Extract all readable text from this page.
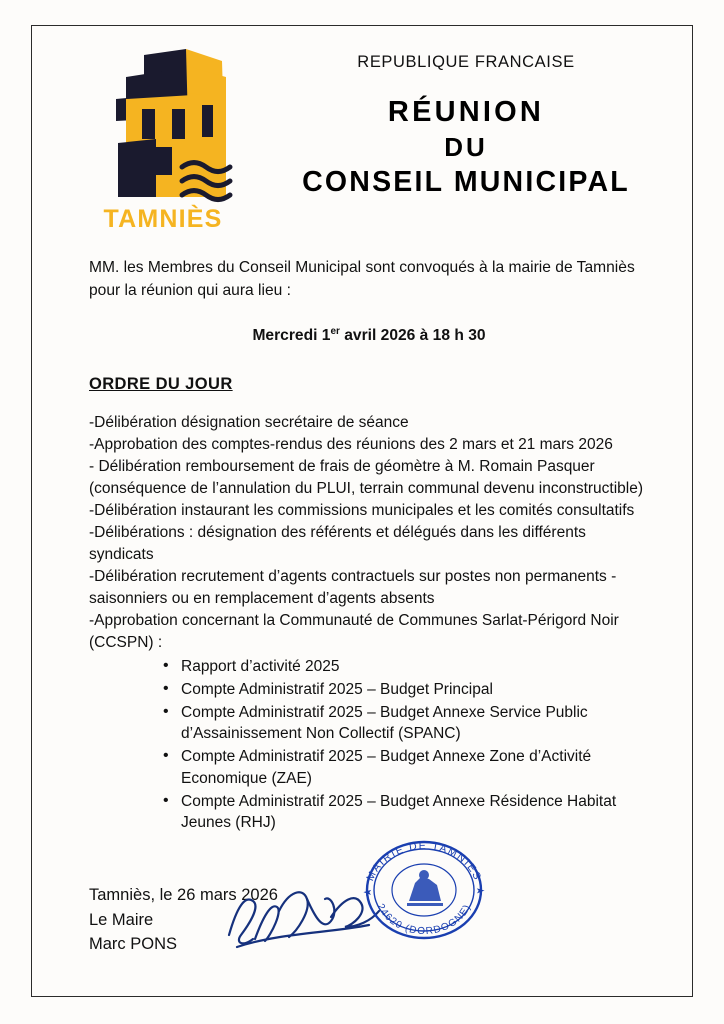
TAMNIÈS
REPUBLIQUE FRANCAISE
RÉUNION
DU
CONSEIL MUNICIPAL

MM. les Membres du Conseil Municipal sont convoqués à la mairie de Tamniès pour la réunion qui aura lieu :

Mercredi 1er avril 2026 à 18 h 30
ORDRE DU JOUR

-Délibération désignation secrétaire de séance

-Approbation des comptes-rendus des réunions des 2 mars et 21 mars 2026

- Délibération remboursement de frais de géomètre à M. Romain Pasquer (conséquence de l’annulation du PLUI, terrain communal devenu inconstructible)

-Délibération instaurant les commissions municipales et les comités consultatifs

-Délibérations : désignation des référents et délégués dans les différents syndicats

-Délibération recrutement d’agents contractuels sur postes non permanents -saisonniers ou en remplacement d’agents absents

-Approbation concernant la Communauté de Communes Sarlat-Périgord Noir (CCSPN) :

• Rapport d’activité 2025
• Compte Administratif 2025 – Budget Principal
• Compte Administratif 2025 – Budget Annexe Service Public d’Assainissement Non Collectif (SPANC)
• Compte Administratif 2025 – Budget Annexe Zone d’Activité Economique (ZAE)
• Compte Administratif 2025 – Budget Annexe Résidence Habitat Jeunes (RHJ)
Tamniès, le 26 mars 2026
Le Maire
Marc PONS
★ MAIRIE DE TAMNIES ★
24620 (DORDOGNE)
